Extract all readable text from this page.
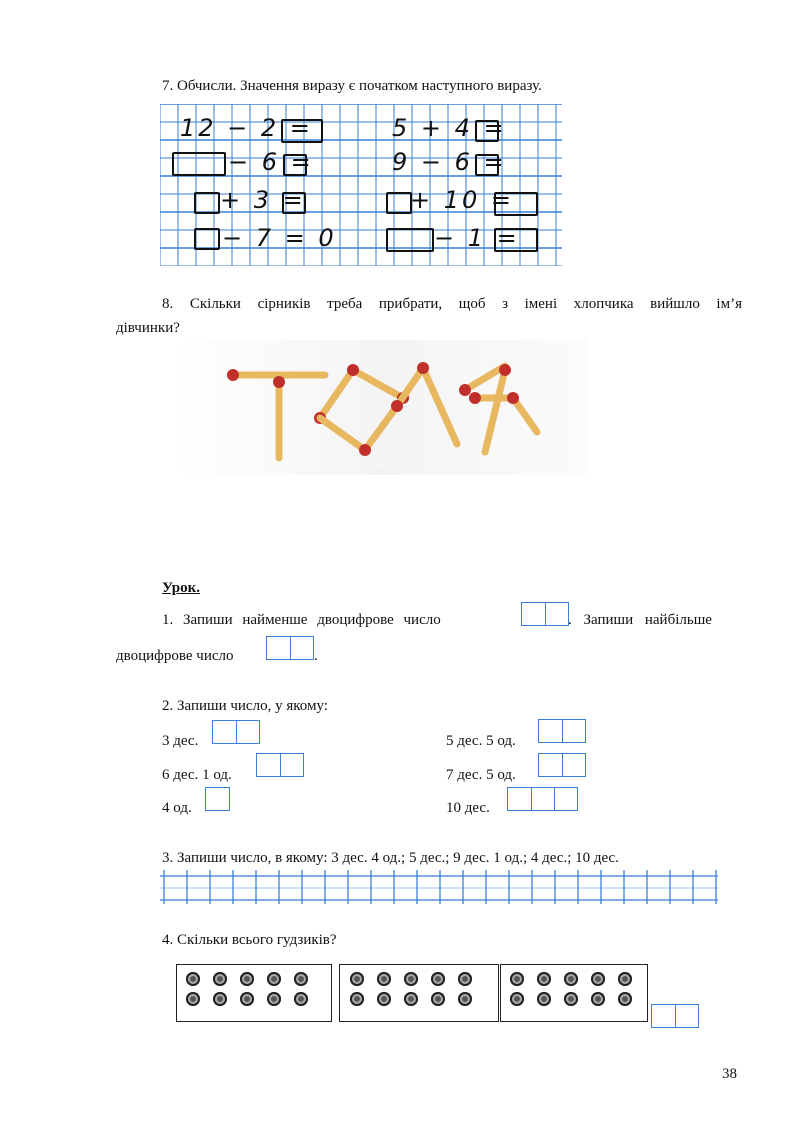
7. Обчисли. Значення виразу є початком наступного виразу.
12 − 2 =
− 6 =
+ 3 =
− 7 = 0
5 + 4 =
9 − 6 =
+ 10 =
− 1 =
8. Скільки сірників треба прибрати, щоб з імені хлопчика вийшло ім’я
дівчинки?
ТОЛЯ
Урок.
1. Запиши найменше двоцифрове число	. Запиши найбільше
двоцифрове число	.
2. Запиши число, у якому:
3 дес.
6 дес. 1 од.
4 од.
5 дес. 5 од.
7 дес. 5 од.
10 дес.
3. Запиши число, в якому: 3 дес. 4 од.; 5 дес.; 9 дес. 1 од.; 4 дес.; 10 дес.
4. Скільки всього гудзиків?
38
